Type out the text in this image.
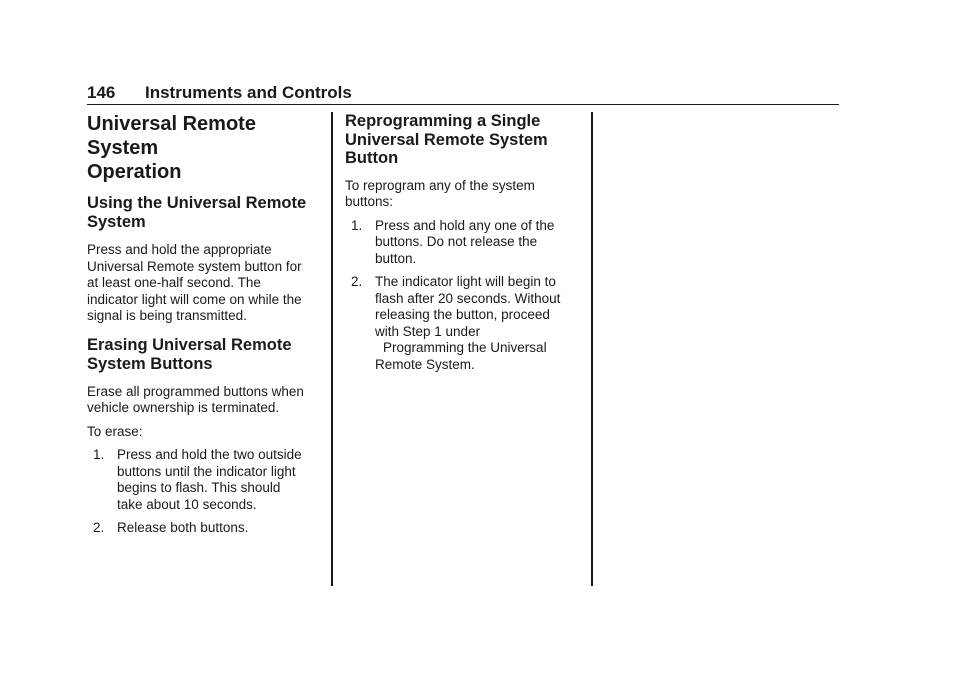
146 Instruments and Controls
Universal Remote System
Operation
Using the Universal Remote
System

Press and hold the appropriate
Universal Remote system button for
at least one-half second. The
indicator light will come on while the
signal is being transmitted.

Erasing Universal Remote
System Buttons

Erase all programmed buttons when
vehicle ownership is terminated.

To erase:

1. Press and hold the two outside
buttons until the indicator light
begins to flash. This should
take about 10 seconds.
2. Release both buttons.
Reprogramming a Single
Universal Remote System
Button

To reprogram any of the system
buttons:

1. Press and hold any one of the
buttons. Do not release the
button.
2. The indicator light will begin to
flash after 20 seconds. Without
releasing the button, proceed
with Step 1 under
Programming the Universal
Remote System.
